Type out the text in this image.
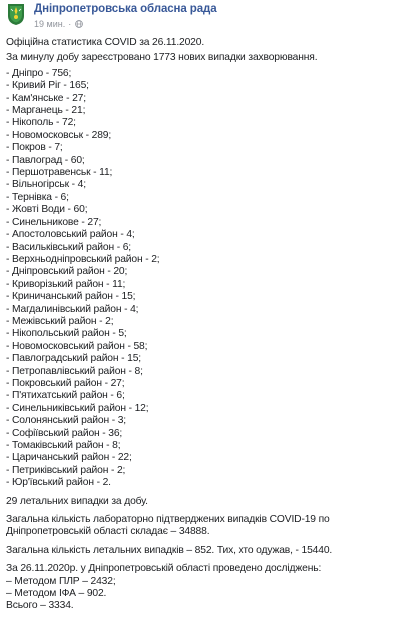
Дніпропетровська обласна рада
19 мин. ·

Офіційна статистика COVID за 26.11.2020.

За минулу добу зареєстровано 1773 нових випадки захворювання.

- Дніпро - 756;

- Кривий Ріг - 165;

- Кам'янське - 27;

- Марганець - 21;

- Нікополь - 72;

- Новомосковськ - 289;

- Покров - 7;

- Павлоград - 60;

- Першотравенськ - 11;

- Вільногірськ - 4;

- Тернівка - 6;

- Жовті Води - 60;

- Синельникове - 27;

- Апостоловський район - 4;

- Васильківський район - 6;

- Верхньодніпровський район - 2;

- Дніпровський район - 20;

- Криворізький район - 11;

- Криничанський район - 15;

- Магдалинівський район - 4;

- Межівський район - 2;

- Нікопольський район - 5;

- Новомосковський район - 58;

- Павлоградський район - 15;

- Петропавлівський район - 8;

- Покровський район - 27;

- П'ятихатський район - 6;

- Синельниківський район - 12;

- Солонянський район - 3;

- Софіївський район - 36;

- Томаківський район - 8;

- Царичанський район - 22;

- Петриківський район - 2;

- Юр'ївський район - 2.

29 летальних випадки за добу.

Загальна кількість лабораторно підтверджених випадків COVID-19 по Дніпропетровській області складає – 34888.

Загальна кількість летальних випадків – 852. Тих, хто одужав, - 15440.

За 26.11.2020р. у Дніпропетровській області проведено досліджень:

– Методом ПЛР – 2432;

– Методом ІФА – 902.

Всього – 3334.
